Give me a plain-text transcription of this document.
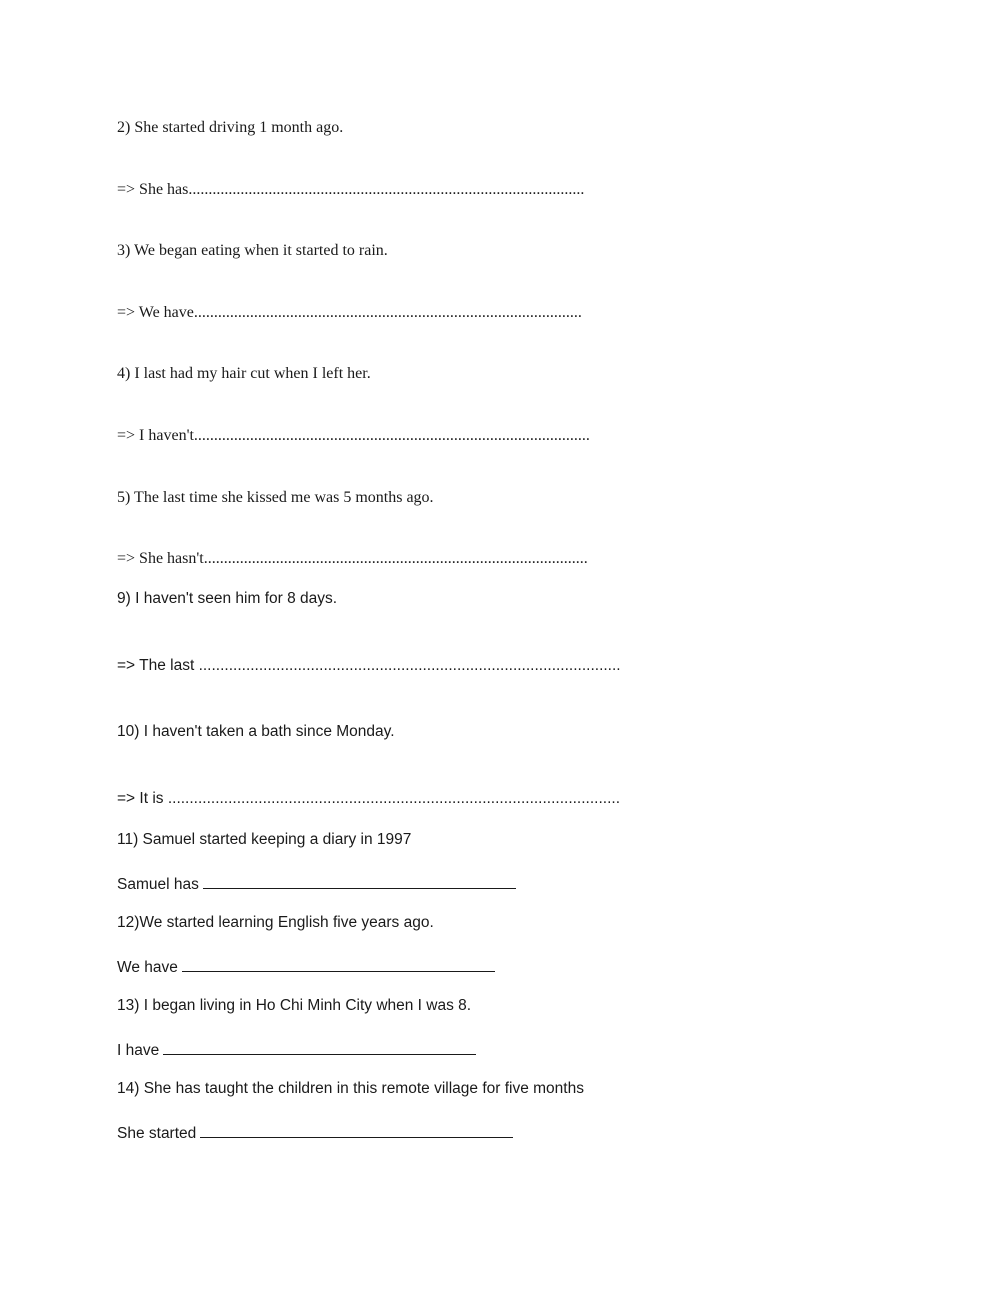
2) She started driving 1 month ago.
=> She has...................................................................................................
3) We began eating when it started to rain.
=> We have.................................................................................................
4) I last had my hair cut when I left her.
=> I haven't...................................................................................................
5) The last time she kissed me was 5 months ago.
=> She hasn't................................................................................................
9) I haven't seen him for 8 days.
=> The last ..................................................................................................
10) I haven't taken a bath since Monday.
=> It is .........................................................................................................
11) Samuel started keeping a diary in 1997
Samuel has
12)We started learning English five years ago.
We have
13) I began living in Ho Chi Minh City when I was 8.
I have
14) She has taught the children in this remote village for five months
She started
